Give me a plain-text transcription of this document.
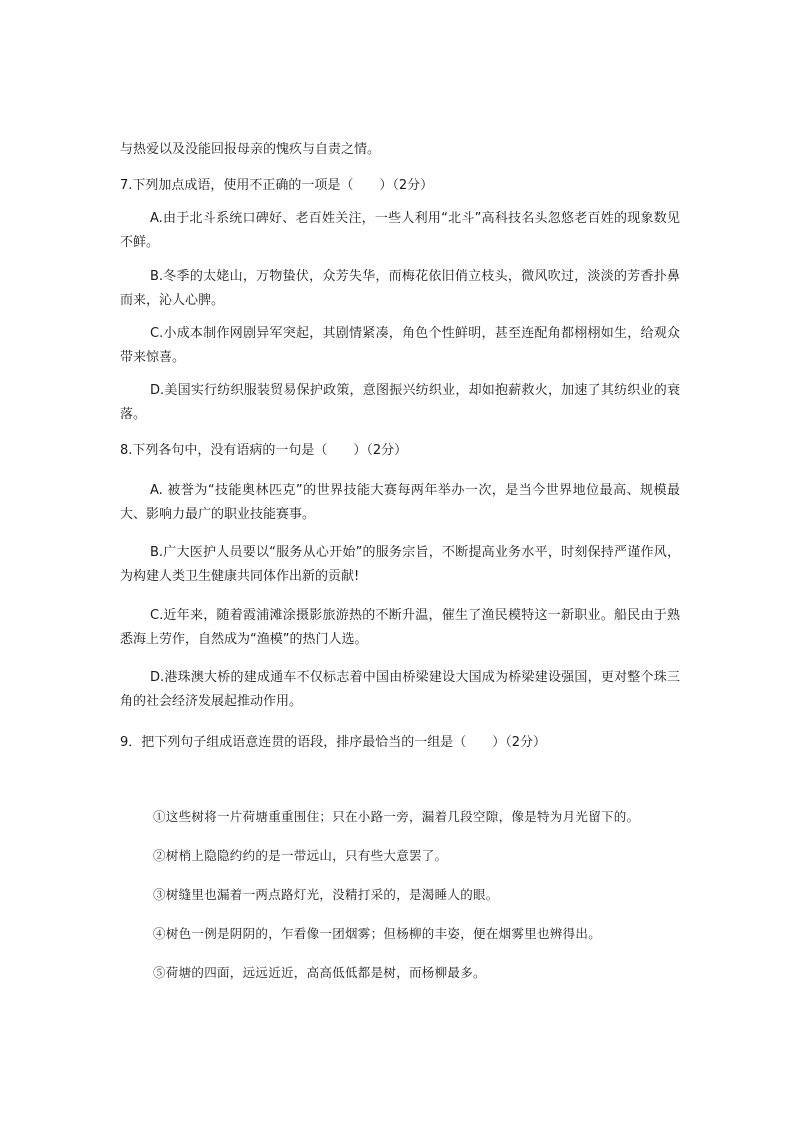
与热爱以及没能回报母亲的愧疚与自责之情。
7.下列加点成语，使用不正确的一项是（　　）（2分）
A.由于北斗系统口碑好、老百姓关注，一些人利用“北斗”高科技名头忽悠老百姓的现象数见不鲜。
B.冬季的太姥山，万物蛰伏，众芳失华，而梅花依旧俏立枝头，微风吹过，淡淡的芳香扑鼻而来，沁人心脾。
C.小成本制作网剧异军突起，其剧情紧凑，角色个性鲜明，甚至连配角都栩栩如生，给观众带来惊喜。
D.美国实行纺织服装贸易保护政策，意图振兴纺织业，却如抱薪救火，加速了其纺织业的衰落。
8.下列各句中，没有语病的一句是（　　）（2分）
A. 被誉为“技能奥林匹克”的世界技能大赛每两年举办一次，是当今世界地位最高、规模最大、影响力最广的职业技能赛事。
B.广大医护人员要以“服务从心开始”的服务宗旨，不断提高业务水平，时刻保持严谨作风，为构建人类卫生健康共同体作出新的贡献!
C.近年来，随着霞浦滩涂摄影旅游热的不断升温，催生了渔民模特这一新职业。船民由于熟悉海上劳作，自然成为“渔模”的热门人选。
D.港珠澳大桥的建成通车不仅标志着中国由桥梁建设大国成为桥梁建设强国，更对整个珠三角的社会经济发展起推动作用。
9．把下列句子组成语意连贯的语段，排序最恰当的一组是（　　）（2分）
①这些树将一片荷塘重重围住；只在小路一旁，漏着几段空隙，像是特为月光留下的。
②树梢上隐隐约约的是一带远山，只有些大意罢了。
③树缝里也漏着一两点路灯光，没精打采的，是渴睡人的眼。
④树色一例是阴阴的，乍看像一团烟雾；但杨柳的丰姿，便在烟雾里也辨得出。
⑤荷塘的四面，远远近近，高高低低都是树，而杨柳最多。
